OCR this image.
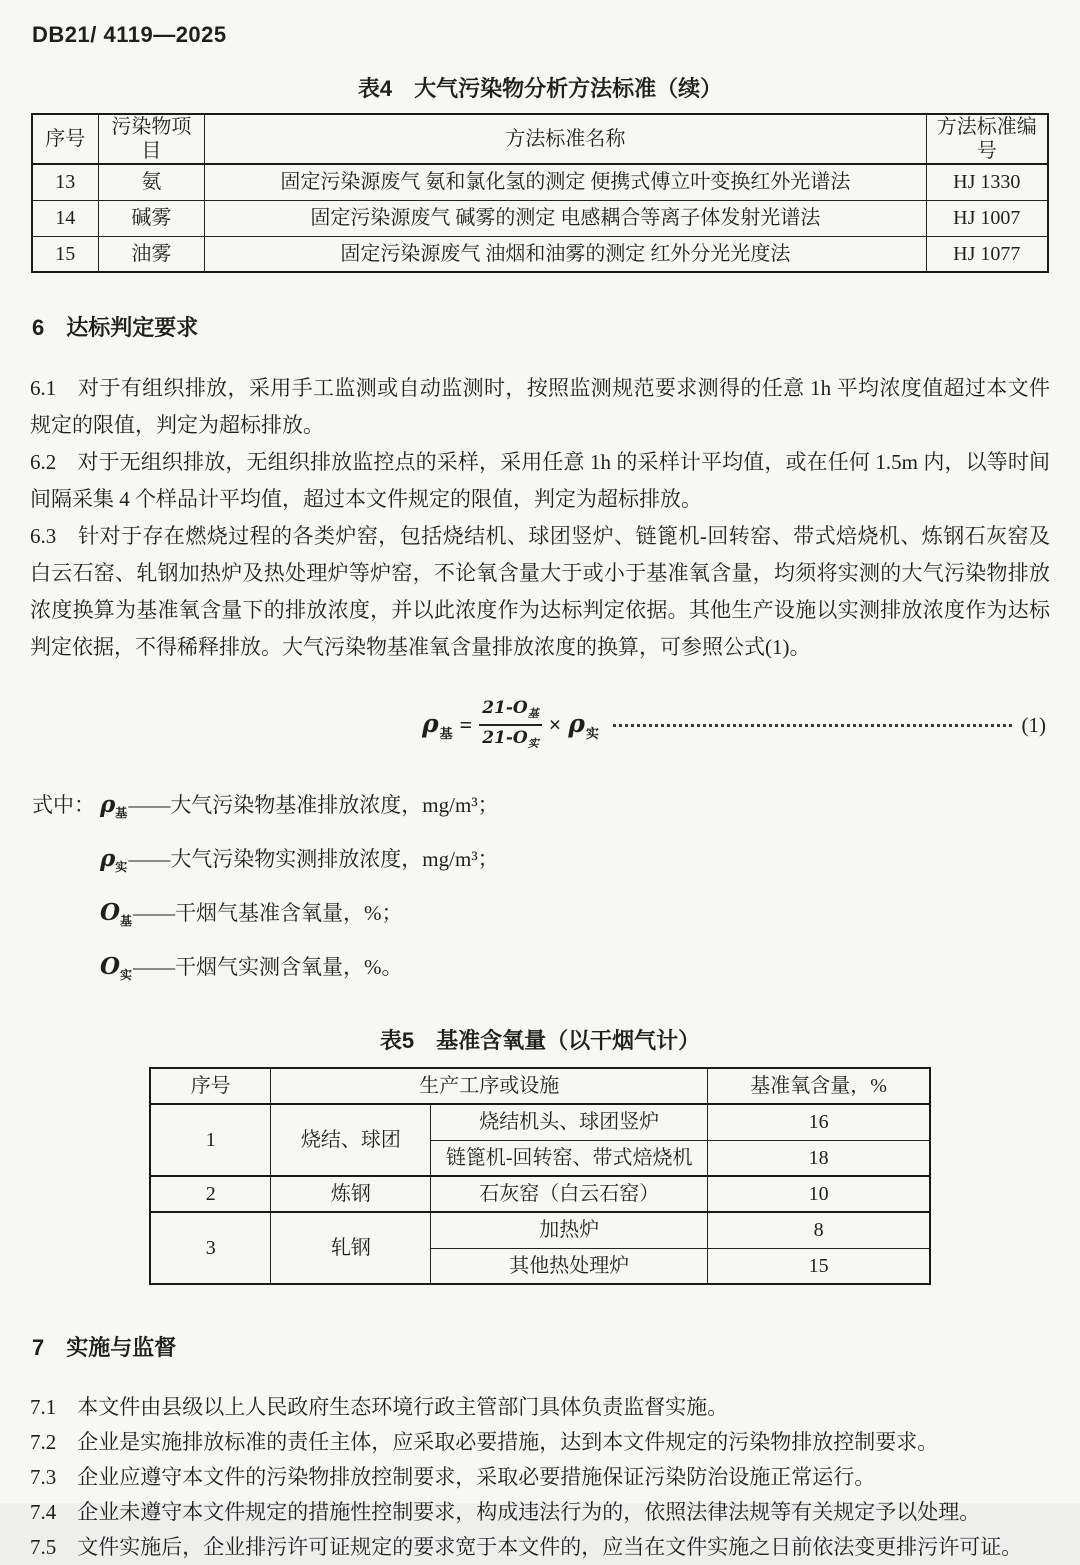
DB21/ 4119—2025
表4　大气污染物分析方法标准（续）
序号	污染物项目	方法标准名称	方法标准编号
13	氨	固定污染源废气 氨和氯化氢的测定 便携式傅立叶变换红外光谱法	HJ 1330
14	碱雾	固定污染源废气 碱雾的测定 电感耦合等离子体发射光谱法	HJ 1007
15	油雾	固定污染源废气 油烟和油雾的测定 红外分光光度法	HJ 1077
6　达标判定要求

6.1　对于有组织排放，采用手工监测或自动监测时，按照监测规范要求测得的任意 1h 平均浓度值超过本文件规定的限值，判定为超标排放。

6.2　对于无组织排放，无组织排放监控点的采样，采用任意 1h 的采样计平均值，或在任何 1.5m 内，以等时间间隔采集 4 个样品计平均值，超过本文件规定的限值，判定为超标排放。

6.3　针对于存在燃烧过程的各类炉窑，包括烧结机、球团竖炉、链篦机-回转窑、带式焙烧机、炼钢石灰窑及白云石窑、轧钢加热炉及热处理炉等炉窑，不论氧含量大于或小于基准氧含量，均须将实测的大气污染物排放浓度换算为基准氧含量下的排放浓度，并以此浓度作为达标判定依据。其他生产设施以实测排放浓度作为达标判定依据，不得稀释排放。大气污染物基准氧含量排放浓度的换算，可参照公式(1)。

$\rho_基 = \frac{21-O_基}{21-O_实} \times \rho_实$	(1)
式中： $\rho_基——$大气污染物基准排放浓度，mg/m³；
$\rho_实——$大气污染物实测排放浓度，mg/m³；
$O_基——$干烟气基准含氧量，%；
$O_实——$干烟气实测含氧量，%。
表5　基准含氧量（以干烟气计）
序号	生产工序或设施		基准氧含量，%
1	烧结、球团	烧结机头、球团竖炉	16
		链篦机-回转窑、带式焙烧机	18
2	炼钢	石灰窑（白云石窑）	10
3	轧钢	加热炉	8
		其他热处理炉	15
7　实施与监督

7.1　本文件由县级以上人民政府生态环境行政主管部门具体负责监督实施。

7.2　企业是实施排放标准的责任主体，应采取必要措施，达到本文件规定的污染物排放控制要求。

7.3　企业应遵守本文件的污染物排放控制要求，采取必要措施保证污染防治设施正常运行。

7.4　企业未遵守本文件规定的措施性控制要求，构成违法行为的，依照法律法规等有关规定予以处理。

7.5　文件实施后，企业排污许可证规定的要求宽于本文件的，应当在文件实施之日前依法变更排污许可证。
